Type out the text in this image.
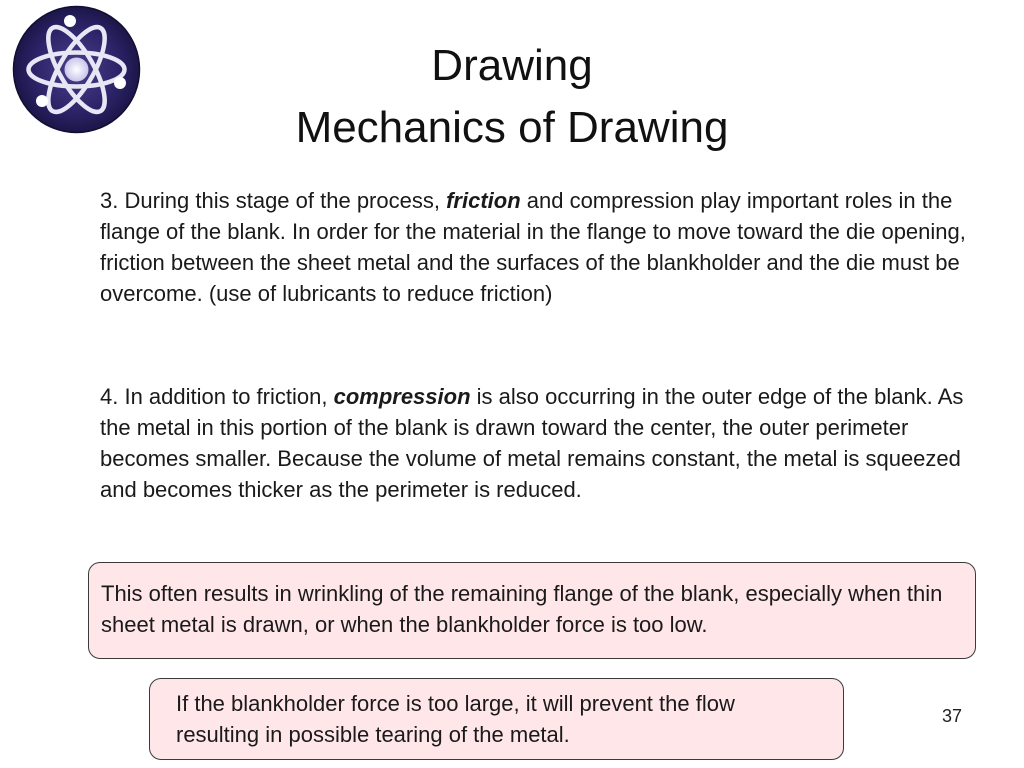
Drawing
Mechanics of Drawing
3. During this stage of the process, friction and compression play important roles in the flange of the blank. In order for the material in the flange to move toward the die opening, friction between the sheet metal and the surfaces of the blankholder and the die must be overcome. (use of lubricants to reduce friction)
4. In addition to friction, compression is also occurring in the outer edge of the blank. As the metal in this portion of the blank is drawn toward the center, the outer perimeter becomes smaller. Because the volume of metal remains constant, the metal is squeezed and becomes thicker as the perimeter is reduced.
This often results in wrinkling of the remaining flange of the blank, especially when thin sheet metal is drawn, or when the blankholder force is too low.
If the blankholder force is too large, it will prevent the flow resulting in possible tearing of the metal.
37
